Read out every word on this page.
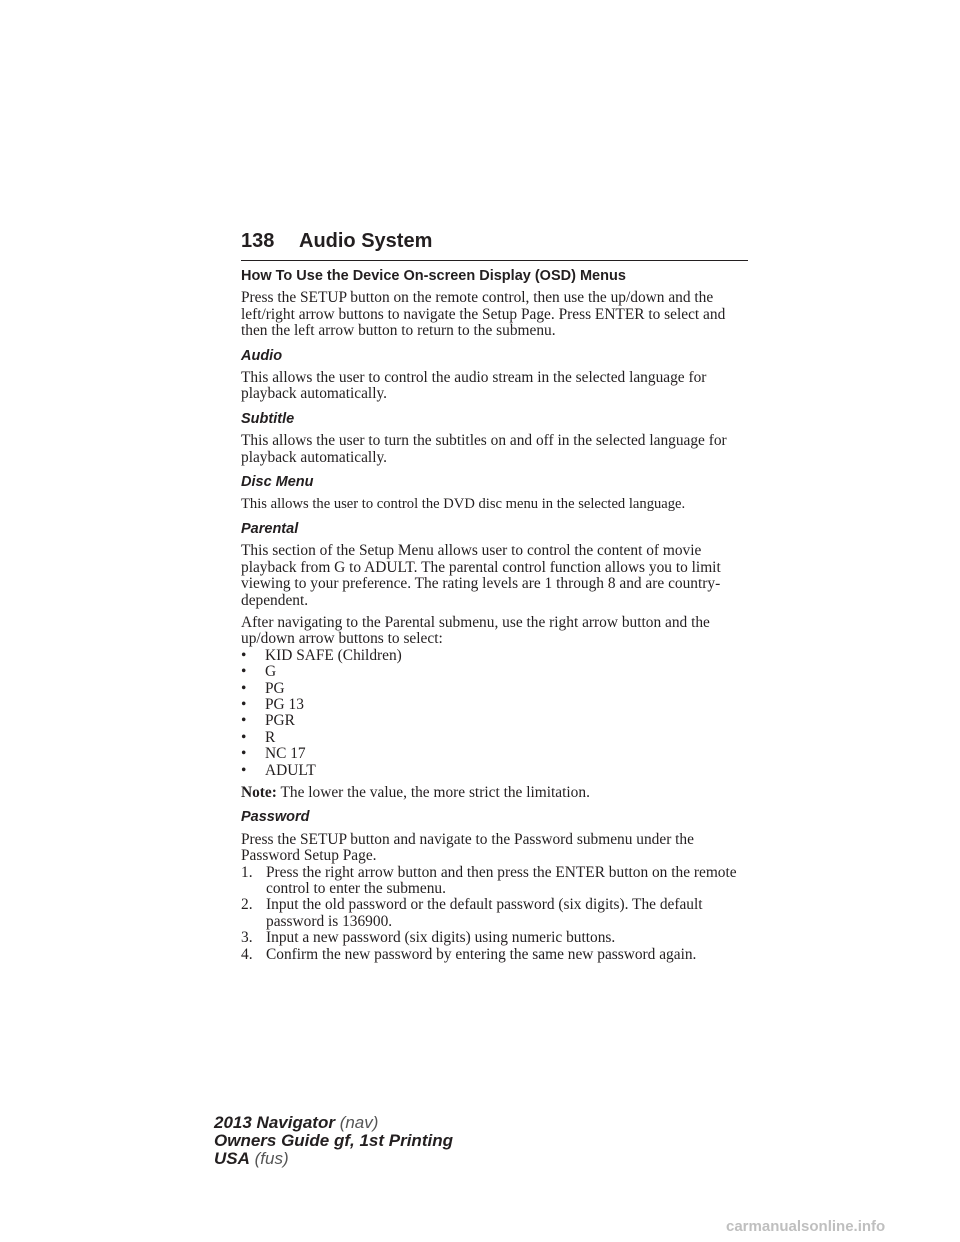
138 Audio System
How To Use the Device On-screen Display (OSD) Menus

Press the SETUP button on the remote control, then use the up/down and the left/right arrow buttons to navigate the Setup Page. Press ENTER to select and then the left arrow button to return to the submenu.

Audio

This allows the user to control the audio stream in the selected language for playback automatically.

Subtitle

This allows the user to turn the subtitles on and off in the selected language for playback automatically.

Disc Menu

This allows the user to control the DVD disc menu in the selected language.

Parental

This section of the Setup Menu allows user to control the content of movie playback from G to ADULT. The parental control function allows you to limit viewing to your preference. The rating levels are 1 through 8 and are country-dependent.

After navigating to the Parental submenu, use the right arrow button and the up/down arrow buttons to select:

• KID SAFE (Children)
• G
• PG
• PG 13
• PGR
• R
• NC 17
• ADULT

Note: The lower the value, the more strict the limitation.

Password

Press the SETUP button and navigate to the Password submenu under the Password Setup Page.

1. Press the right arrow button and then press the ENTER button on the remote control to enter the submenu.
2. Input the old password or the default password (six digits). The default password is 136900.
3. Input a new password (six digits) using numeric buttons.
4. Confirm the new password by entering the same new password again.
2013 Navigator (nav)
Owners Guide gf, 1st Printing
USA (fus)
carmanualsonline.info
